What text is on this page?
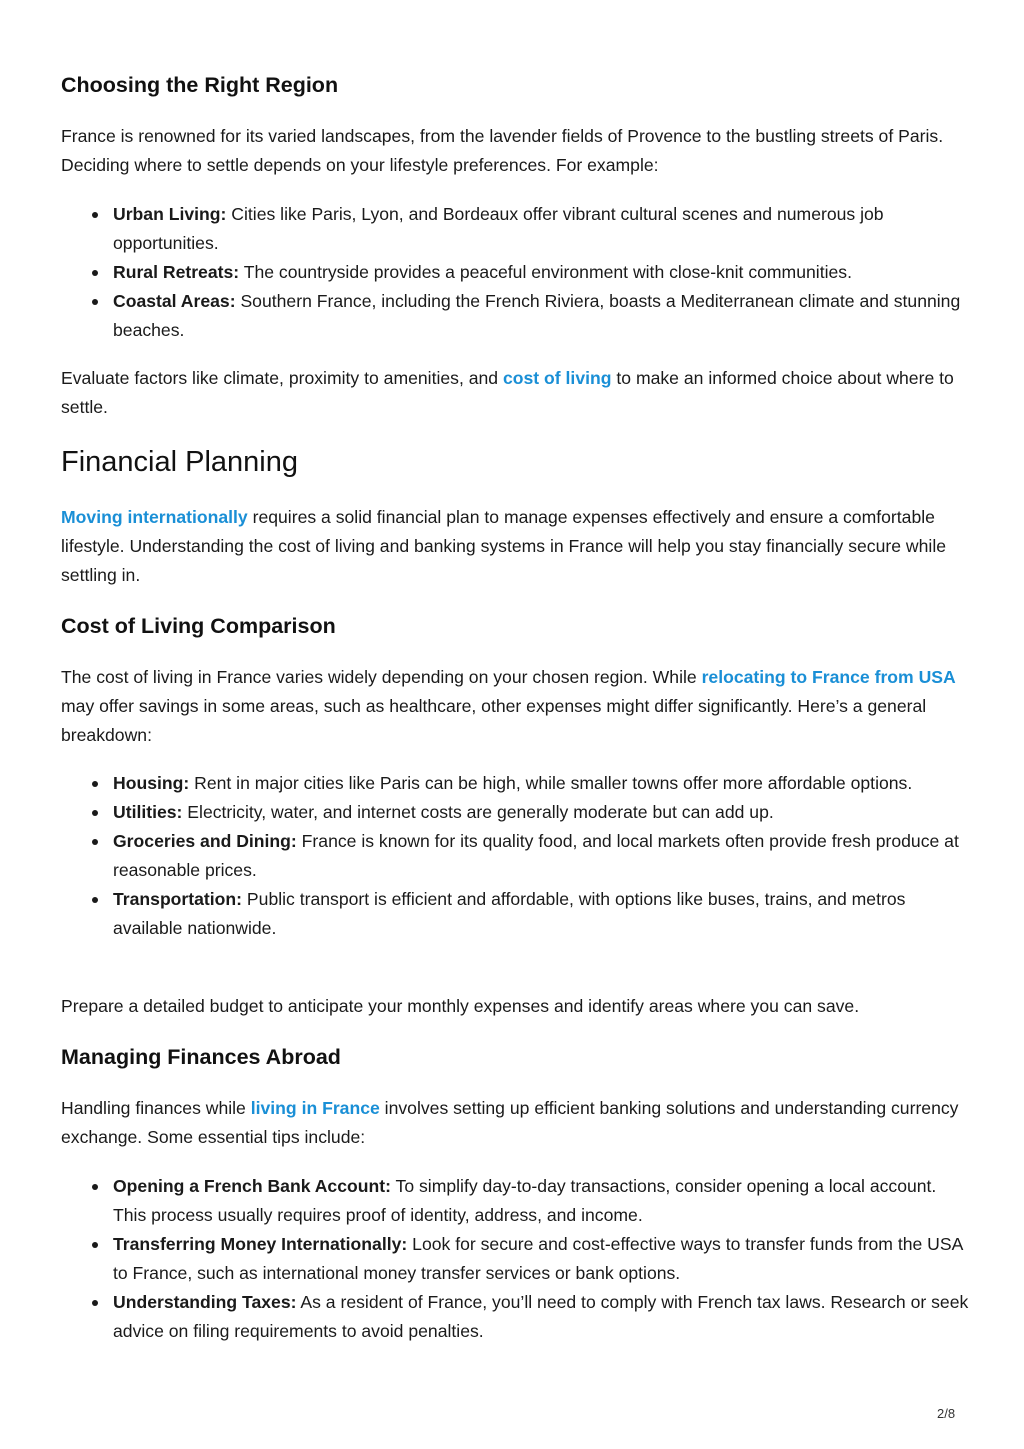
Choosing the Right Region

France is renowned for its varied landscapes, from the lavender fields of Provence to the bustling streets of Paris. Deciding where to settle depends on your lifestyle preferences. For example:

Urban Living: Cities like Paris, Lyon, and Bordeaux offer vibrant cultural scenes and numerous job opportunities.
Rural Retreats: The countryside provides a peaceful environment with close-knit communities.
Coastal Areas: Southern France, including the French Riviera, boasts a Mediterranean climate and stunning beaches.

Evaluate factors like climate, proximity to amenities, and cost of living to make an informed choice about where to settle.

Financial Planning

Moving internationally requires a solid financial plan to manage expenses effectively and ensure a comfortable lifestyle. Understanding the cost of living and banking systems in France will help you stay financially secure while settling in.

Cost of Living Comparison

The cost of living in France varies widely depending on your chosen region. While relocating to France from USA may offer savings in some areas, such as healthcare, other expenses might differ significantly. Here’s a general breakdown:

Housing: Rent in major cities like Paris can be high, while smaller towns offer more affordable options.
Utilities: Electricity, water, and internet costs are generally moderate but can add up.
Groceries and Dining: France is known for its quality food, and local markets often provide fresh produce at reasonable prices.
Transportation: Public transport is efficient and affordable, with options like buses, trains, and metros available nationwide.

Prepare a detailed budget to anticipate your monthly expenses and identify areas where you can save.

Managing Finances Abroad

Handling finances while living in France involves setting up efficient banking solutions and understanding currency exchange. Some essential tips include:

Opening a French Bank Account: To simplify day-to-day transactions, consider opening a local account. This process usually requires proof of identity, address, and income.
Transferring Money Internationally: Look for secure and cost-effective ways to transfer funds from the USA to France, such as international money transfer services or bank options.
Understanding Taxes: As a resident of France, you’ll need to comply with French tax laws. Research or seek advice on filing requirements to avoid penalties.
2/8
